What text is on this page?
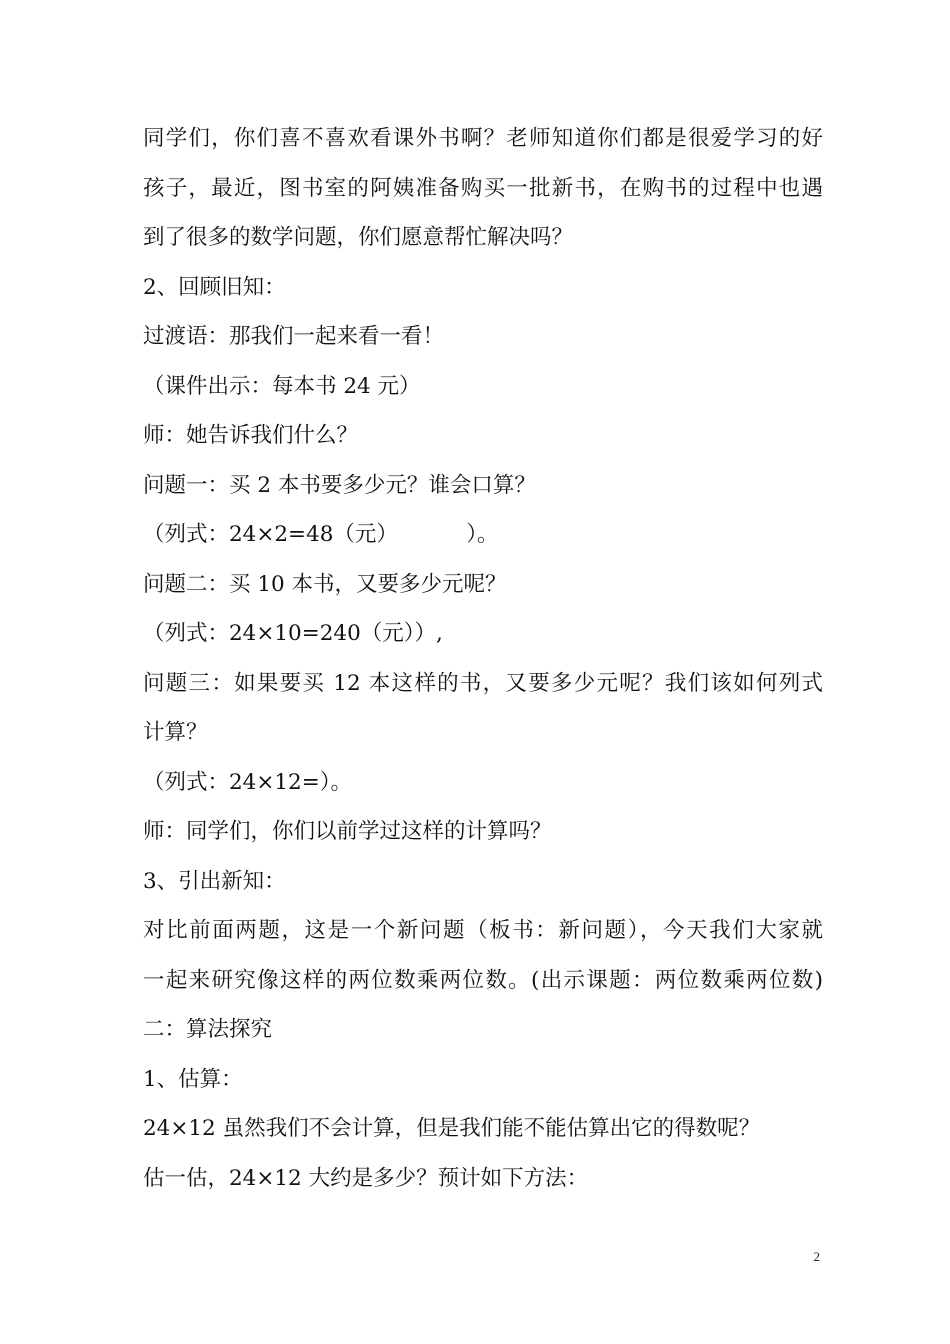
同学们，你们喜不喜欢看课外书啊？老师知道你们都是很爱学习的好
孩子，最近，图书室的阿姨准备购买一批新书，在购书的过程中也遇
到了很多的数学问题，你们愿意帮忙解决吗？
2、回顾旧知：
过渡语：那我们一起来看一看！
（课件出示：每本书 24 元）
师：她告诉我们什么？
问题一：买 2 本书要多少元？谁会口算？
（列式：24×2=48（元）          ）。
问题二：买 10 本书，又要多少元呢？
（列式：24×10=240（元））,
问题三：如果要买 12 本这样的书，又要多少元呢？我们该如何列式
计算？
（列式：24×12=）。
师：同学们，你们以前学过这样的计算吗？
3、引出新知：
对比前面两题，这是一个新问题（板书：新问题），今天我们大家就
一起来研究像这样的两位数乘两位数。(出示课题：两位数乘两位数)
二：算法探究
1、估算：
24×12 虽然我们不会计算，但是我们能不能估算出它的得数呢？
估一估，24×12 大约是多少？预计如下方法：
2
